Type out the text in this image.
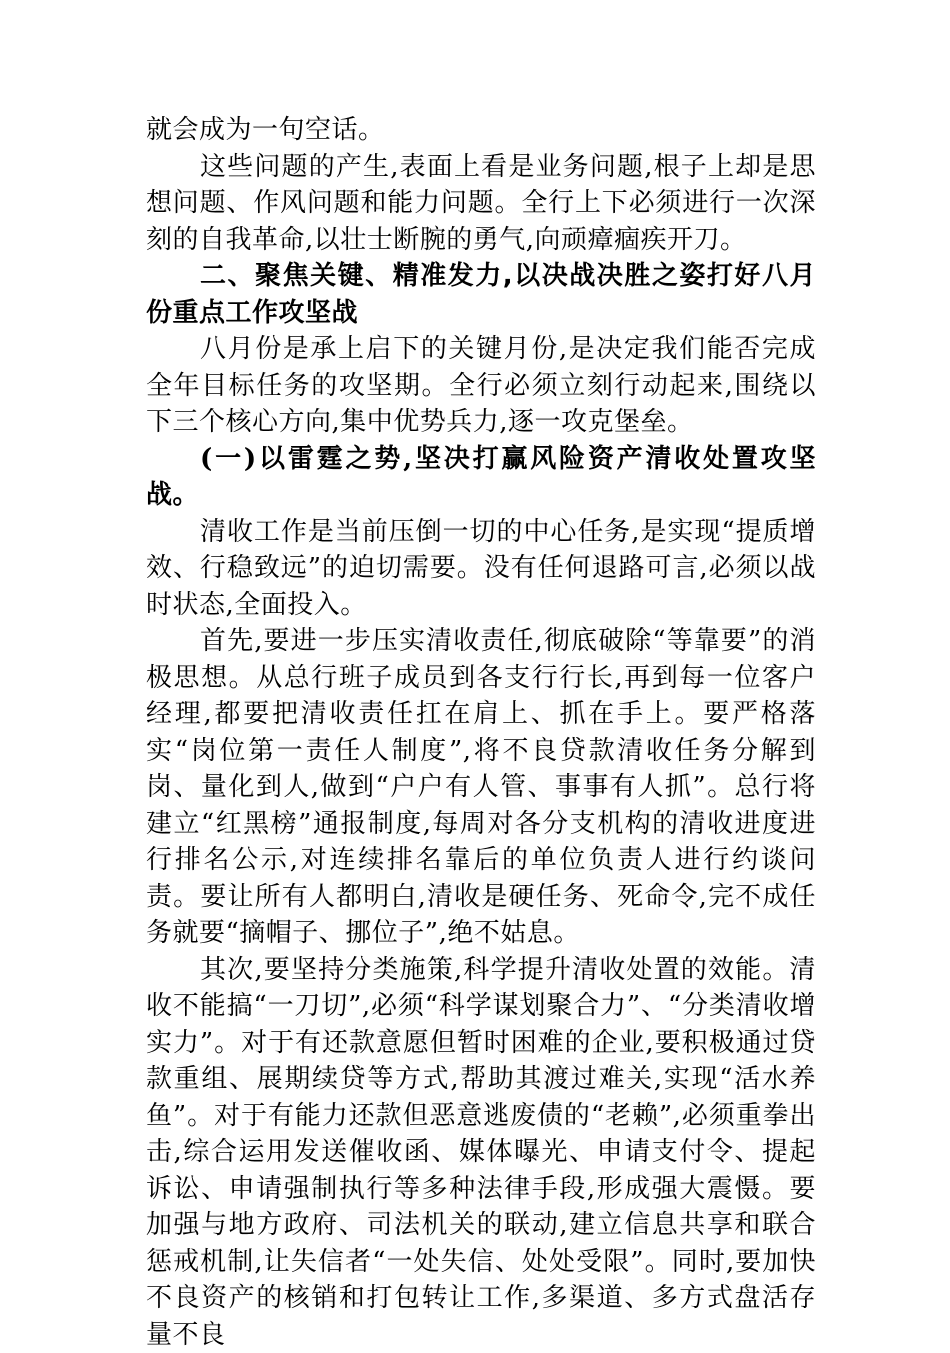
就会成为一句空话。

这些问题的产生,表面上看是业务问题,根子上却是思想问题、作风问题和能力问题。全行上下必须进行一次深刻的自我革命,以壮士断腕的勇气,向顽瘴痼疾开刀。

二、聚焦关键、精准发力,以决战决胜之姿打好八月份重点工作攻坚战

八月份是承上启下的关键月份,是决定我们能否完成全年目标任务的攻坚期。全行必须立刻行动起来,围绕以下三个核心方向,集中优势兵力,逐一攻克堡垒。

(一)以雷霆之势,坚决打赢风险资产清收处置攻坚战。

清收工作是当前压倒一切的中心任务,是实现“提质增效、行稳致远”的迫切需要。没有任何退路可言,必须以战时状态,全面投入。

首先,要进一步压实清收责任,彻底破除“等靠要”的消极思想。从总行班子成员到各支行行长,再到每一位客户经理,都要把清收责任扛在肩上、抓在手上。要严格落实“岗位第一责任人制度”,将不良贷款清收任务分解到岗、量化到人,做到“户户有人管、事事有人抓”。总行将建立“红黑榜”通报制度,每周对各分支机构的清收进度进行排名公示,对连续排名靠后的单位负责人进行约谈问责。要让所有人都明白,清收是硬任务、死命令,完不成任务就要“摘帽子、挪位子”,绝不姑息。

其次,要坚持分类施策,科学提升清收处置的效能。清收不能搞“一刀切”,必须“科学谋划聚合力”、“分类清收增实力”。对于有还款意愿但暂时困难的企业,要积极通过贷款重组、展期续贷等方式,帮助其渡过难关,实现“活水养鱼”。对于有能力还款但恶意逃废债的“老赖”,必须重拳出击,综合运用发送催收函、媒体曝光、申请支付令、提起诉讼、申请强制执行等多种法律手段,形成强大震慑。要加强与地方政府、司法机关的联动,建立信息共享和联合惩戒机制,让失信者“一处失信、处处受限”。同时,要加快不良资产的核销和打包转让工作,多渠道、多方式盘活存量不良
